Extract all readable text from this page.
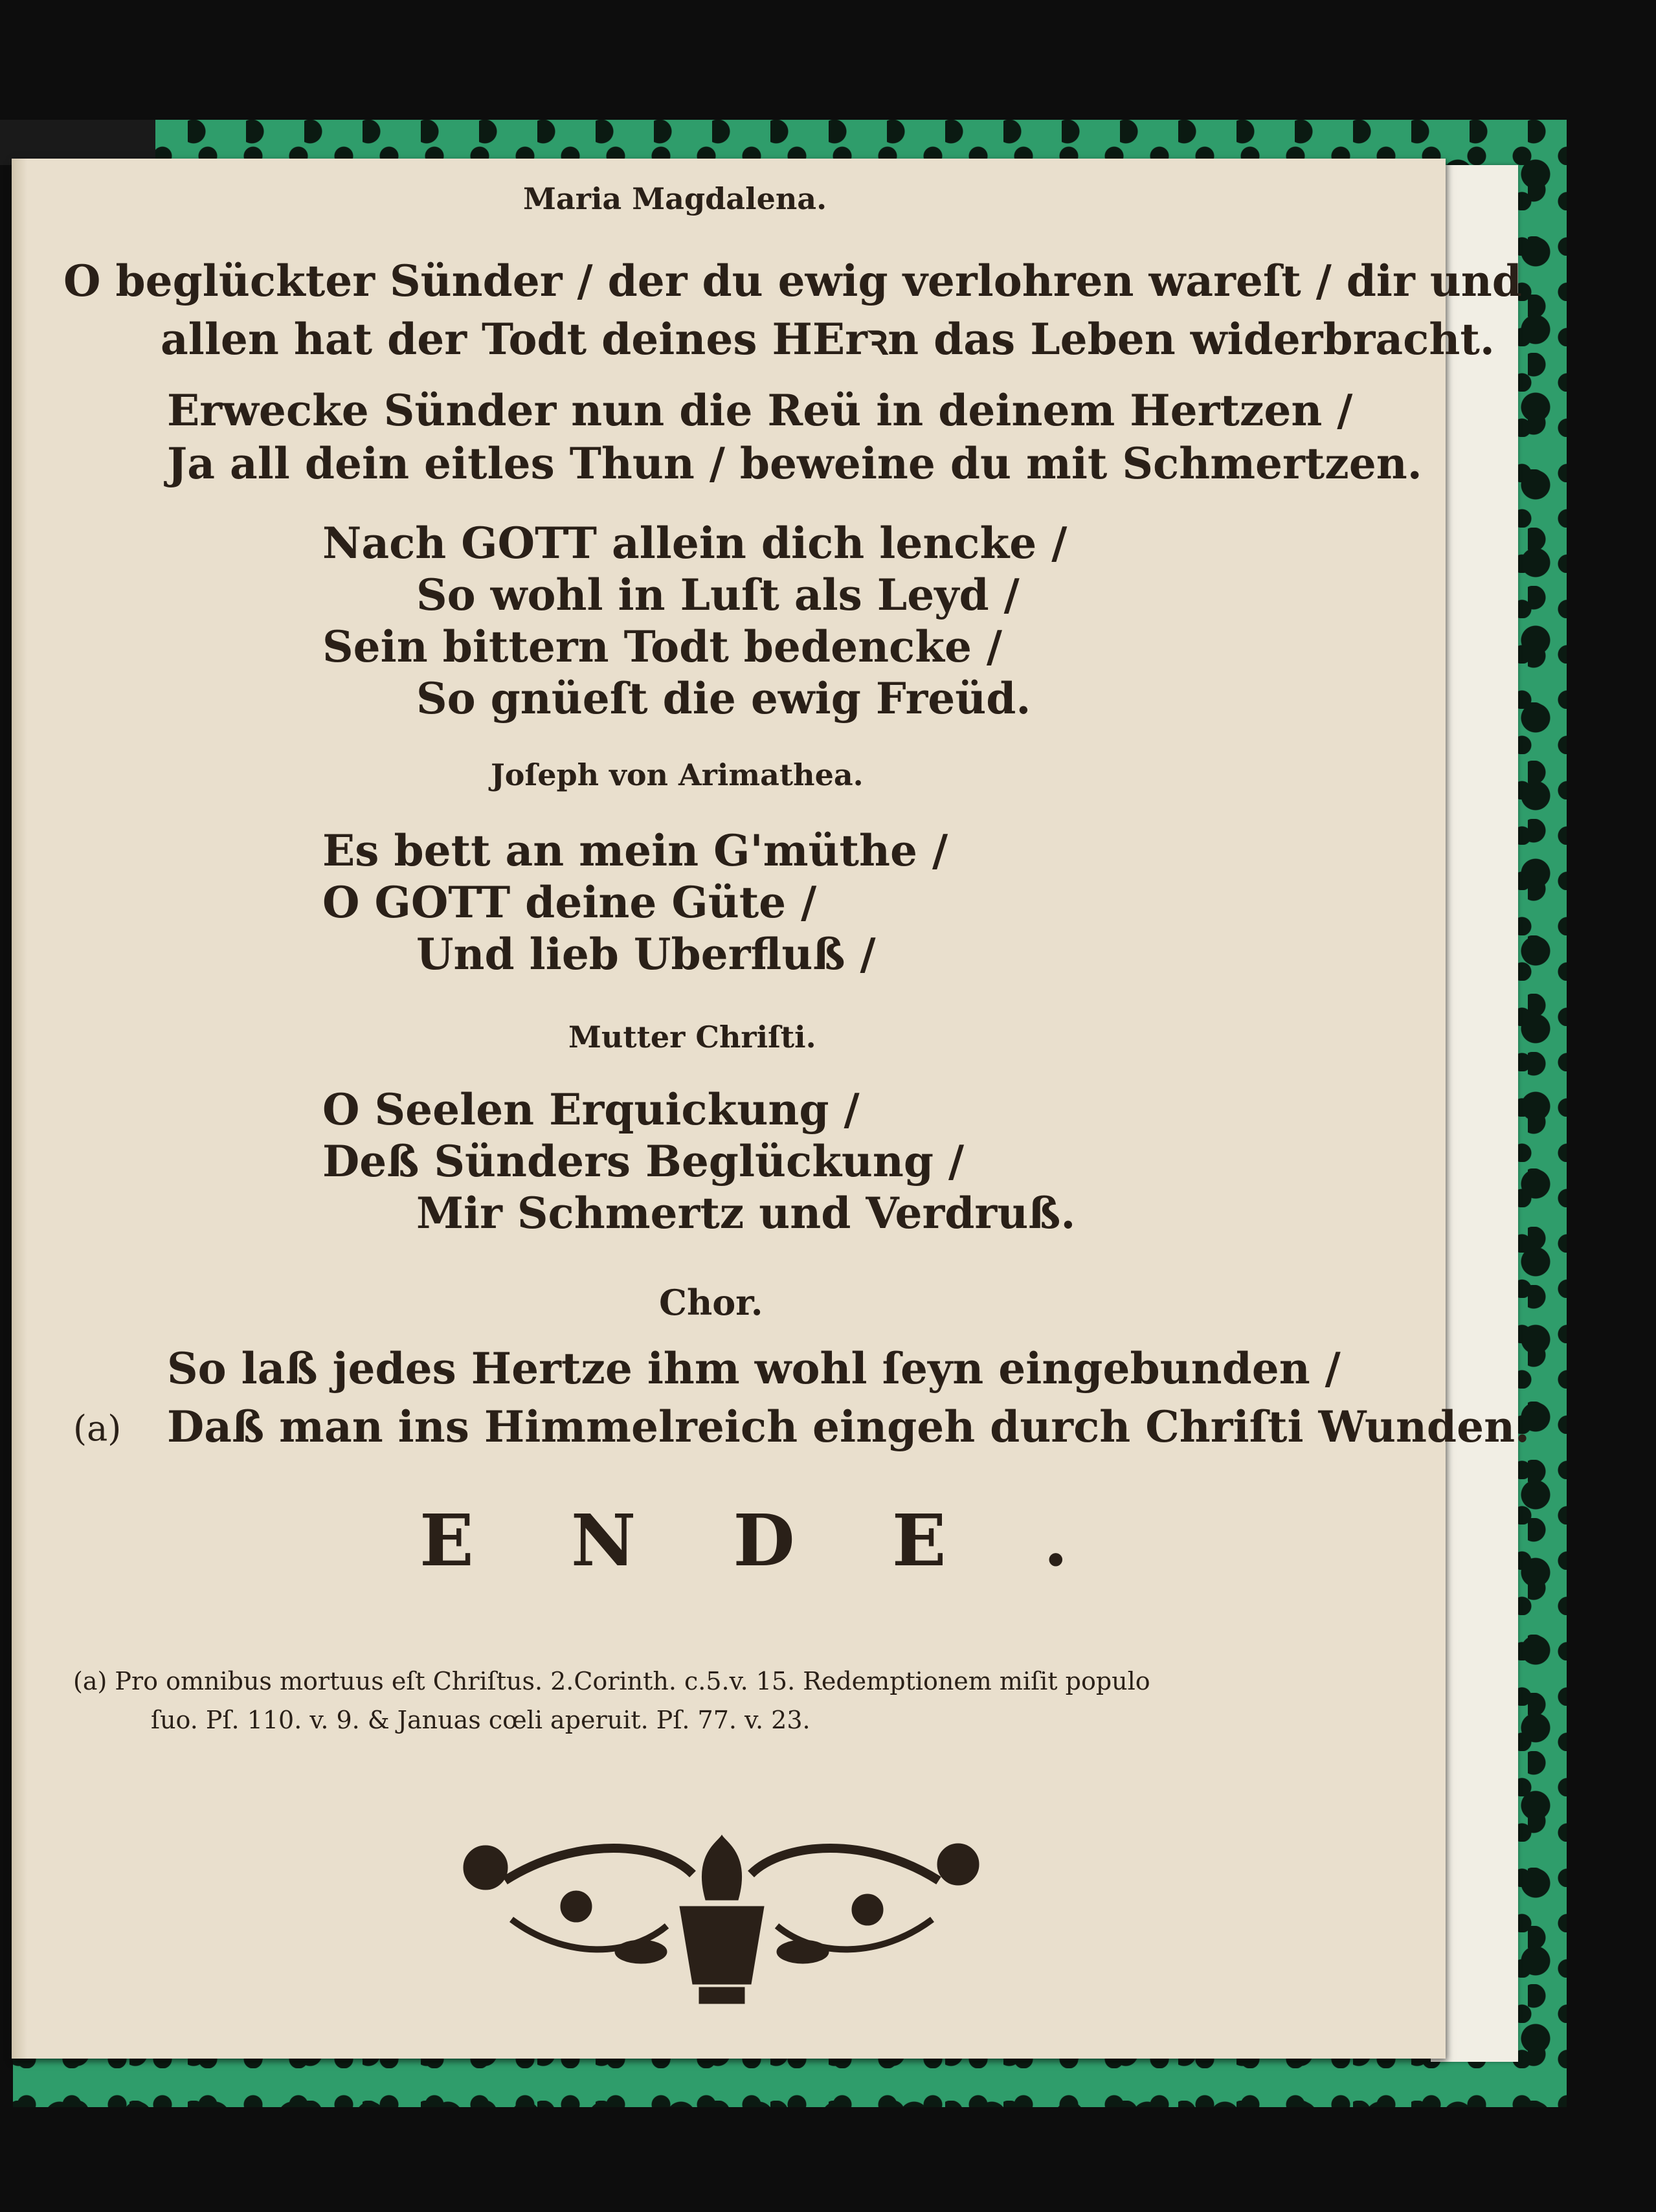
Maria Magdalena.

O beglückter Sünder / der du ewig verlohren wareſt / dir und

allen hat der Todt deines HErꝛn das Leben widerbracht.

Erwecke Sünder nun die Reü in deinem Hertzen /

Ja all dein eitles Thun / beweine du mit Schmertzen.

Nach GOTT allein dich lencke /

So wohl in Luſt als Leyd /

Sein bittern Todt bedencke /

So gnüeſt die ewig Freüd.

Joſeph von Arimathea.

Es bett an mein G'müthe /

O GOTT deine Güte /

Und lieb Uberfluß /

Mutter Chriſti.

O Seelen Erquickung /

Deß Sünders Beglückung /

Mir Schmertz und Verdruß.

Chor.

So laß jedes Hertze ihm wohl ſeyn eingebunden /

(a) Daß man ins Himmelreich eingeh durch Chriſti Wunden.

ENDE.

(a) Pro omnibus mortuus eſt Chriſtus. 2.Corinth. c.5.v. 15. Redemptionem miſit populo

ſuo. Pſ. 110. v. 9. & Januas cœli aperuit. Pſ. 77. v. 23.
